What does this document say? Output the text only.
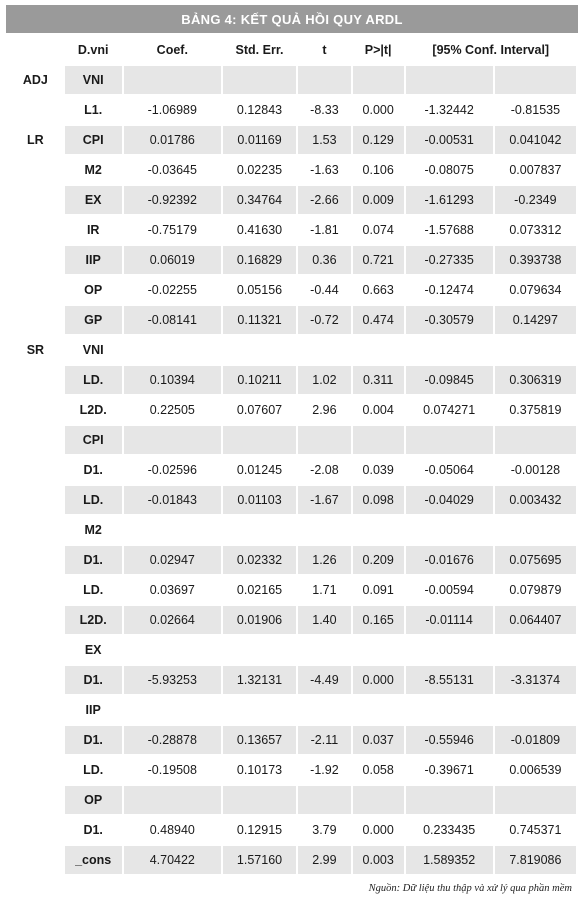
BẢNG 4: KẾT QUẢ HỒI QUY ARDL
	D.vni	Coef.	Std. Err.	t	P>|t|	[95% Conf. Interval]	
ADJ	VNI						
	L1.	-1.06989	0.12843	-8.33	0.000	-1.32442	-0.81535
LR	CPI	0.01786	0.01169	1.53	0.129	-0.00531	0.041042
	M2	-0.03645	0.02235	-1.63	0.106	-0.08075	0.007837
	EX	-0.92392	0.34764	-2.66	0.009	-1.61293	-0.2349
	IR	-0.75179	0.41630	-1.81	0.074	-1.57688	0.073312
	IIP	0.06019	0.16829	0.36	0.721	-0.27335	0.393738
	OP	-0.02255	0.05156	-0.44	0.663	-0.12474	0.079634
	GP	-0.08141	0.11321	-0.72	0.474	-0.30579	0.14297
SR	VNI						
	LD.	0.10394	0.10211	1.02	0.311	-0.09845	0.306319
	L2D.	0.22505	0.07607	2.96	0.004	0.074271	0.375819
	CPI						
	D1.	-0.02596	0.01245	-2.08	0.039	-0.05064	-0.00128
	LD.	-0.01843	0.01103	-1.67	0.098	-0.04029	0.003432
	M2						
	D1.	0.02947	0.02332	1.26	0.209	-0.01676	0.075695
	LD.	0.03697	0.02165	1.71	0.091	-0.00594	0.079879
	L2D.	0.02664	0.01906	1.40	0.165	-0.01114	0.064407
	EX						
	D1.	-5.93253	1.32131	-4.49	0.000	-8.55131	-3.31374
	IIP						
	D1.	-0.28878	0.13657	-2.11	0.037	-0.55946	-0.01809
	LD.	-0.19508	0.10173	-1.92	0.058	-0.39671	0.006539
	OP						
	D1.	0.48940	0.12915	3.79	0.000	0.233435	0.745371
	_cons	4.70422	1.57160	2.99	0.003	1.589352	7.819086
Nguồn: Dữ liệu thu thập và xử lý qua phần mềm
